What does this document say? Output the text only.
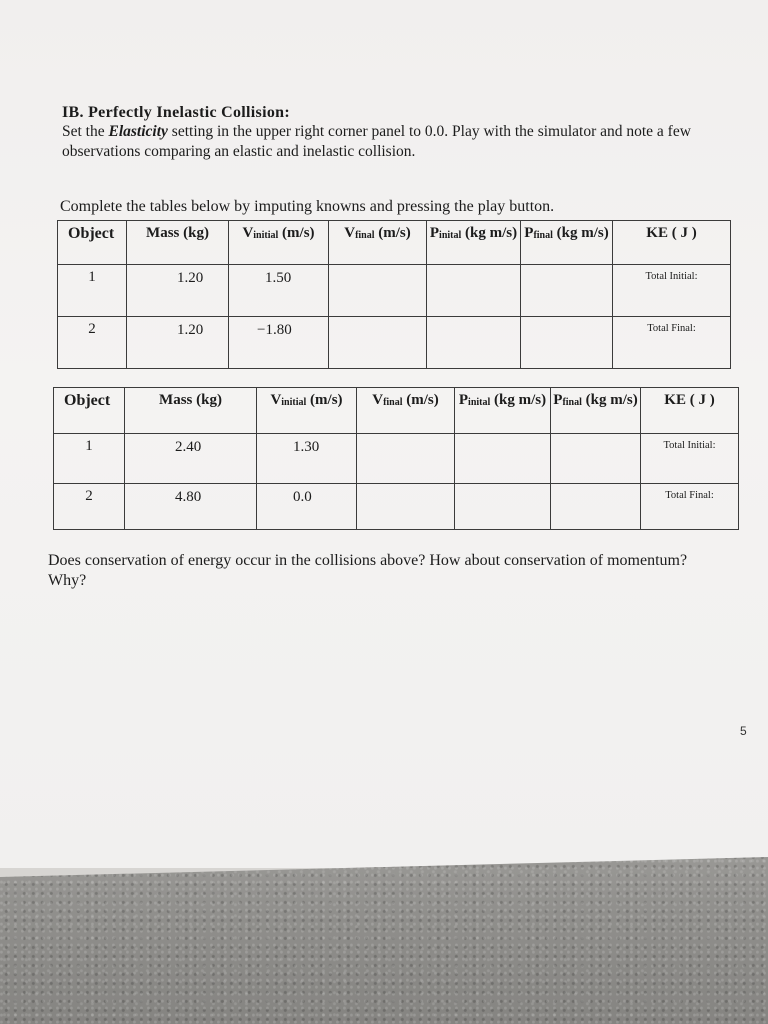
IB. Perfectly Inelastic Collision:

Set the Elasticity setting in the upper right corner panel to 0.0. Play with the simulator and note a few observations comparing an elastic and inelastic collision.

Complete the tables below by imputing knowns and pressing the play button.

Object	Mass (kg)	$V_{initial}$ (m/s)	$V_{final}$ (m/s)	$P_{inital}$ (kg m/s)	$P_{final}$ (kg m/s)	KE ( J )
1	1.20	1.50				Total Initial:
2	1.20	−1.80				Total Final:
Object	Mass (kg)	$V_{initial}$ (m/s)	$V_{final}$ (m/s)	$P_{inital}$ (kg m/s)	$P_{final}$ (kg m/s)	KE ( J )
1	2.40	1.30				Total Initial:
2	4.80	0.0				Total Final:

Does conservation of energy occur in the collisions above? How about conservation of momentum? Why?

5
